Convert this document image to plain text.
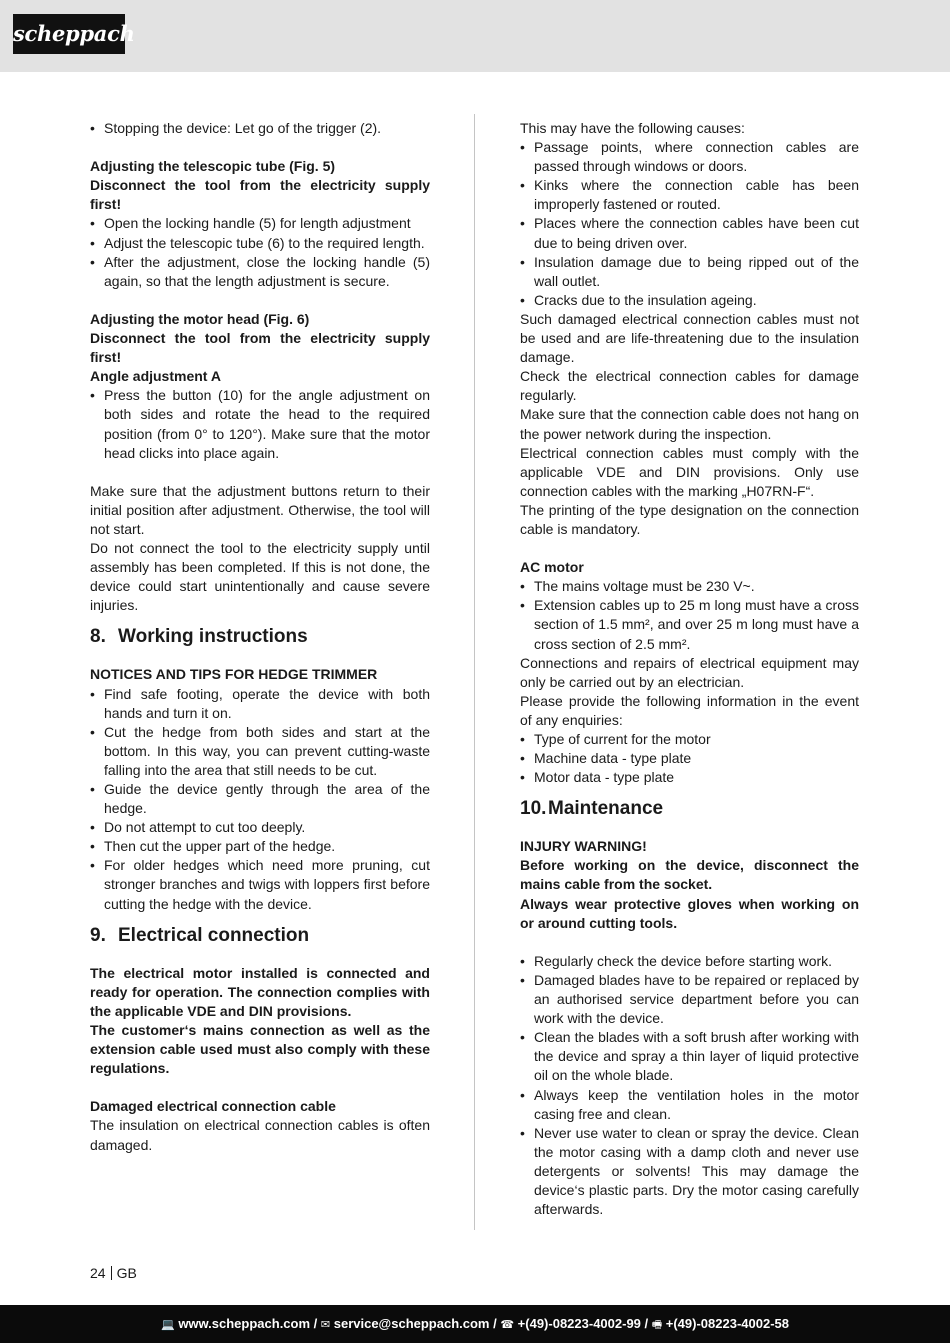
scheppach
• Stopping the device: Let go of the trigger (2).

Adjusting the telescopic tube (Fig. 5)

Disconnect the tool from the electricity supply first!

• Open the locking handle (5) for length adjustment
• Adjust the telescopic tube (6) to the required length.
• After the adjustment, close the locking handle (5) again, so that the length adjustment is secure.

Adjusting the motor head (Fig. 6)

Disconnect the tool from the electricity supply first!

Angle adjustment A

• Press the button (10) for the angle adjustment on both sides and rotate the head to the required position (from 0° to 120°). Make sure that the motor head clicks into place again.

Make sure that the adjustment buttons return to their initial position after adjustment. Otherwise, the tool will not start.

Do not connect the tool to the electricity supply until assembly has been completed. If this is not done, the device could start unintentionally and cause severe injuries.

8. Working instructions

NOTICES AND TIPS FOR HEDGE TRIMMER

• Find safe footing, operate the device with both hands and turn it on.
• Cut the hedge from both sides and start at the bottom. In this way, you can prevent cutting-waste falling into the area that still needs to be cut.
• Guide the device gently through the area of the hedge.
• Do not attempt to cut too deeply.
• Then cut the upper part of the hedge.
• For older hedges which need more pruning, cut stronger branches and twigs with loppers first before cutting the hedge with the device.
9. Electrical connection

The electrical motor installed is connected and ready for operation. The connection complies with the applicable VDE and DIN provisions.

The customer‘s mains connection as well as the extension cable used must also comply with these regulations.

Damaged electrical connection cable

The insulation on electrical connection cables is often damaged.

This may have the following causes:

• Passage points, where connection cables are passed through windows or doors.
• Kinks where the connection cable has been improperly fastened or routed.
• Places where the connection cables have been cut due to being driven over.
• Insulation damage due to being ripped out of the wall outlet.
• Cracks due to the insulation ageing.

Such damaged electrical connection cables must not be used and are life-threatening due to the insulation damage.

Check the electrical connection cables for damage regularly.

Make sure that the connection cable does not hang on the power network during the inspection.

Electrical connection cables must comply with the applicable VDE and DIN provisions. Only use connection cables with the marking „H07RN-F“.

The printing of the type designation on the connection cable is mandatory.

AC motor

• The mains voltage must be 230 V~.
• Extension cables up to 25 m long must have a cross section of 1.5 mm², and over 25 m long must have a cross section of 2.5 mm².

Connections and repairs of electrical equipment may only be carried out by an electrician.

Please provide the following information in the event of any enquiries:

• Type of current for the motor
• Machine data - type plate
• Motor data - type plate
10. Maintenance

INJURY WARNING!

Before working on the device, disconnect the mains cable from the socket.

Always wear protective gloves when working on or around cutting tools.

• Regularly check the device before starting work.
• Damaged blades have to be repaired or replaced by an authorised service department before you can work with the device.
• Clean the blades with a soft brush after working with the device and spray a thin layer of liquid protective oil on the whole blade.
• Always keep the ventilation holes in the motor casing free and clean.
• Never use water to clean or spray the device. Clean the motor casing with a damp cloth and never use detergents or solvents! This may damage the device‘s plastic parts. Dry the motor casing carefully afterwards.
24 GB
💻 www.scheppach.com / ✉ service@scheppach.com / ☎ +(49)-08223-4002-99 / 🖷 +(49)-08223-4002-58
